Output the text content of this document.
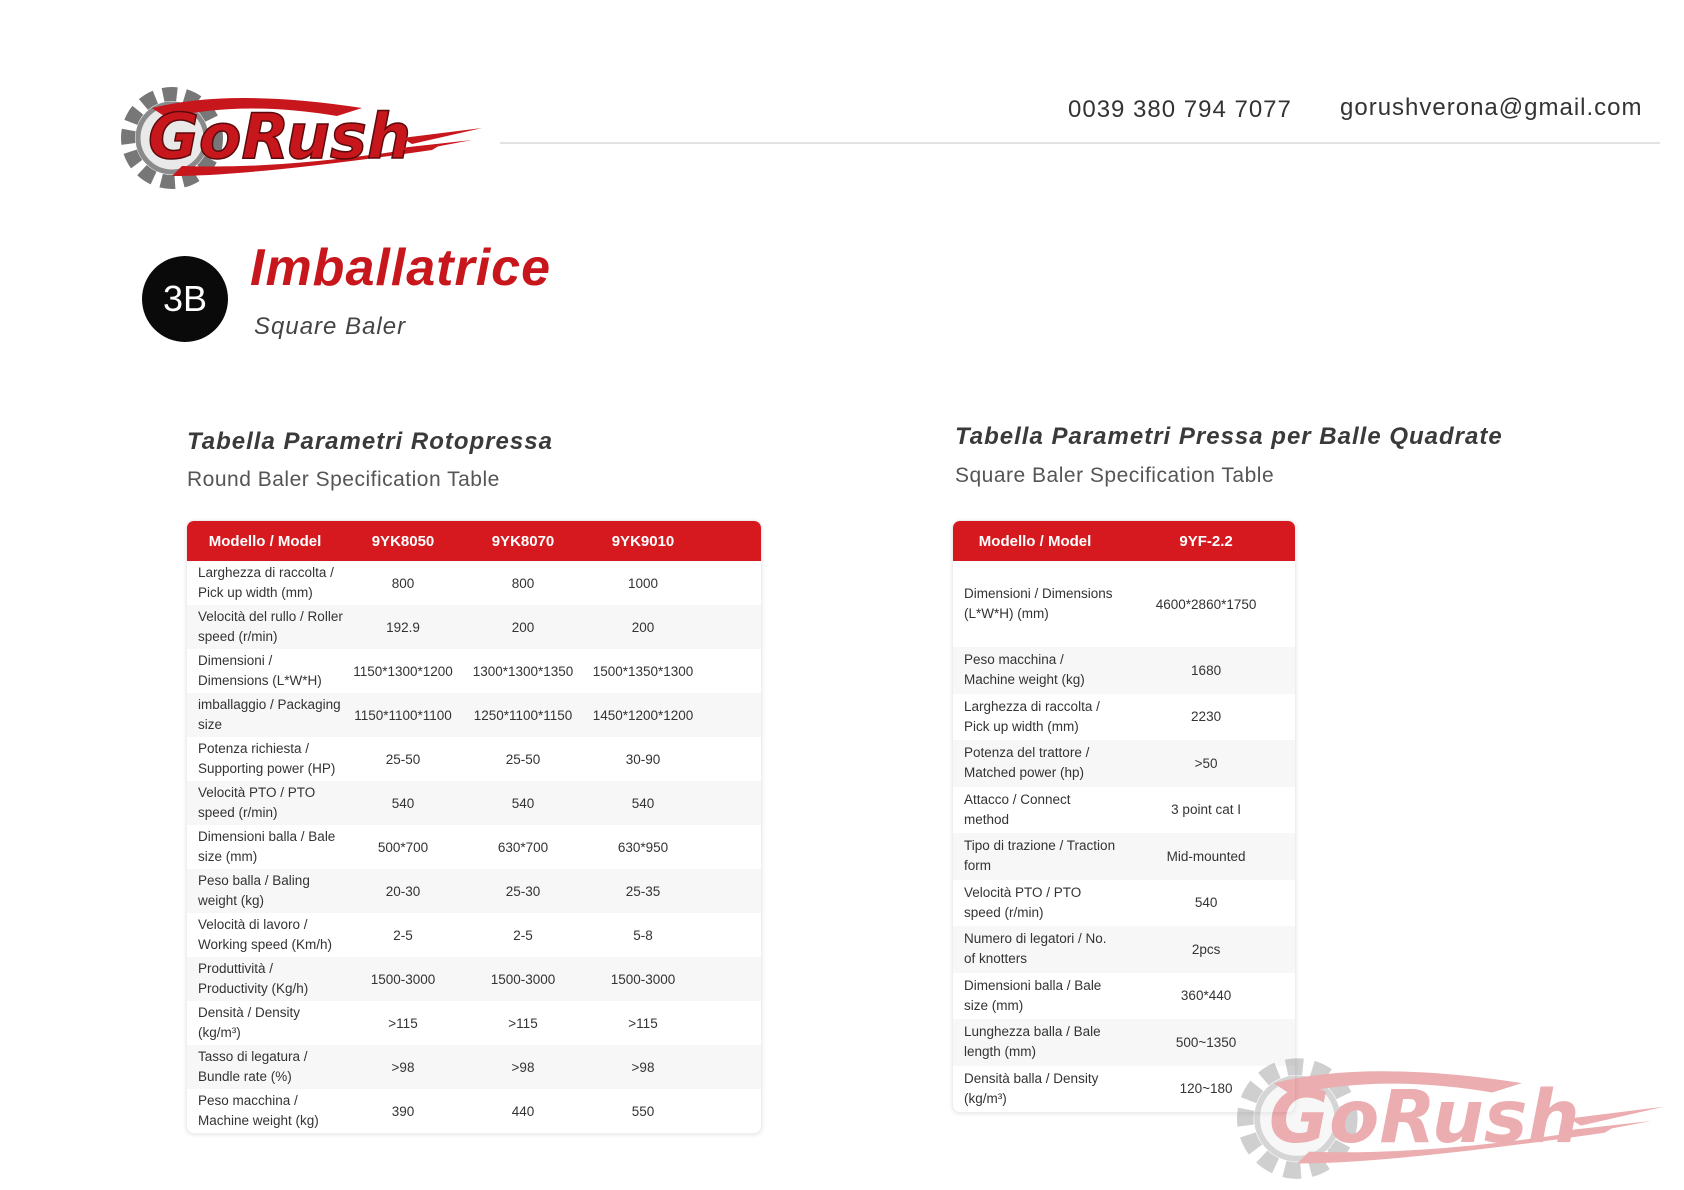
GoRush	0039 380 794 7077 gorushverona@gmail.com
3B
Imballatrice
Square Baler
Tabella Parametri Rotopressa
Round Baler Specification Table
Modello / Model	9YK8050	9YK8070	9YK9010
Larghezza di raccolta / Pick up width (mm)
800	800	1000
Velocità del rullo / Roller speed (r/min)
192.9	200	200
Dimensioni / Dimensions (L*W*H)
1150*1300*1200	1300*1300*1350	1500*1350*1300
imballaggio / Packaging size
1150*1100*1100	1250*1100*1150	1450*1200*1200
Potenza richiesta / Supporting power (HP)
25-50	25-50	30-90
Velocità PTO / PTO speed (r/min)
540	540	540
Dimensioni balla / Bale size (mm)
500*700	630*700	630*950
Peso balla / Baling weight (kg)
20-30	25-30	25-35
Velocità di lavoro / Working speed (Km/h)
2-5	2-5	5-8
Produttività / Productivity (Kg/h)
1500-3000	1500-3000	1500-3000
Densità / Density (kg/m³)
>115	>115	>115
Tasso di legatura / Bundle rate (%)
>98	>98	>98
Peso macchina / Machine weight (kg)
390	440	550
Tabella Parametri Pressa per Balle Quadrate
Square Baler Specification Table
Modello / Model	9YF-2.2
Dimensioni / Dimensions (L*W*H) (mm)
4600*2860*1750
Peso macchina / Machine weight (kg)
1680
Larghezza di raccolta / Pick up width (mm)
2230
Potenza del trattore / Matched power (hp)
>50
Attacco / Connect method
3 point cat I
Tipo di trazione / Traction form
Mid-mounted
Velocità PTO / PTO speed (r/min)
540
Numero di legatori / No. of knotters
2pcs
Dimensioni balla / Bale size (mm)
360*440
Lunghezza balla / Bale length (mm)
500~1350
Densità balla / Density (kg/m³)
120~180 GoRush
